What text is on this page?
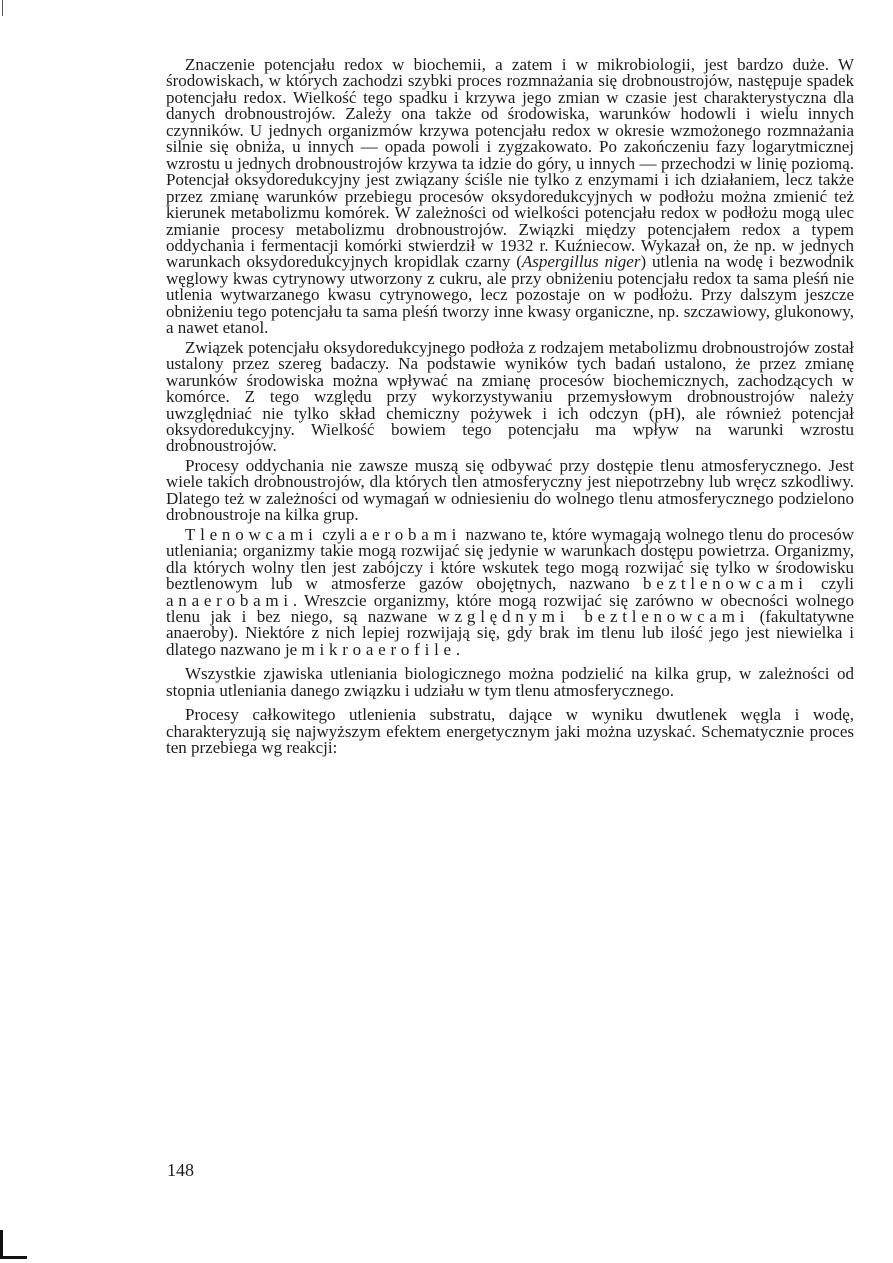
Znaczenie potencjału redox w biochemii, a zatem i w mikrobiologii, jest bardzo duże. W środowiskach, w których zachodzi szybki proces rozmnażania się drobnoustrojów, następuje spadek potencjału redox. Wielkość tego spadku i krzywa jego zmian w czasie jest charakterystyczna dla danych drobnoustrojów. Zależy ona także od środowiska, warunków hodowli i wielu innych czynników. U jednych organizmów krzywa potencjału redox w okresie wzmożonego rozmnażania silnie się obniża, u innych — opada powoli i zygzakowato. Po zakończeniu fazy logarytmicznej wzrostu u jednych drobnoustrojów krzywa ta idzie do góry, u innych — przechodzi w linię poziomą. Potencjał oksydoredukcyjny jest związany ściśle nie tylko z enzymami i ich działaniem, lecz także przez zmianę warunków przebiegu procesów oksydoredukcyjnych w podłożu można zmienić też kierunek metabolizmu komórek. W zależności od wielkości potencjału redox w podłożu mogą ulec zmianie procesy metabolizmu drobnoustrojów. Związki między potencjałem redox a typem oddychania i fermentacji komórki stwierdził w 1932 r. Kuźniecow. Wykazał on, że np. w jednych warunkach oksydoredukcyjnych kropidlak czarny (Aspergillus niger) utlenia na wodę i bezwodnik węglowy kwas cytrynowy utworzony z cukru, ale przy obniżeniu potencjału redox ta sama pleśń nie utlenia wytwarzanego kwasu cytrynowego, lecz pozostaje on w podłożu. Przy dalszym jeszcze obniżeniu tego potencjału ta sama pleśń tworzy inne kwasy organiczne, np. szczawiowy, glukonowy, a nawet etanol.

Związek potencjału oksydoredukcyjnego podłoża z rodzajem metabolizmu drobnoustrojów został ustalony przez szereg badaczy. Na podstawie wyników tych badań ustalono, że przez zmianę warunków środowiska można wpływać na zmianę procesów biochemicznych, zachodzących w komórce. Z tego względu przy wykorzystywaniu przemysłowym drobnoustrojów należy uwzględniać nie tylko skład chemiczny pożywek i ich odczyn (pH), ale również potencjał oksydoredukcyjny. Wielkość bowiem tego potencjału ma wpływ na warunki wzrostu drobnoustrojów.

Procesy oddychania nie zawsze muszą się odbywać przy dostępie tlenu atmosferycznego. Jest wiele takich drobnoustrojów, dla których tlen atmosferyczny jest niepotrzebny lub wręcz szkodliwy. Dlatego też w zależności od wymagań w odniesieniu do wolnego tlenu atmosferycznego podzielono drobnoustroje na kilka grup.

Tlenowcami czyli aerobami nazwano te, które wymagają wolnego tlenu do procesów utleniania; organizmy takie mogą rozwijać się jedynie w warunkach dostępu powietrza. Organizmy, dla których wolny tlen jest zabójczy i które wskutek tego mogą rozwijać się tylko w środowisku beztlenowym lub w atmosferze gazów obojętnych, nazwano beztlenowcami czyli anaerobami. Wreszcie organizmy, które mogą rozwijać się zarówno w obecności wolnego tlenu jak i bez niego, są nazwane względnymi beztlenowcami (fakultatywne anaeroby). Niektóre z nich lepiej rozwijają się, gdy brak im tlenu lub ilość jego jest niewielka i dlatego nazwano je mikroaerofile.

Wszystkie zjawiska utleniania biologicznego można podzielić na kilka grup, w zależności od stopnia utleniania danego związku i udziału w tym tlenu atmosferycznego.

Procesy całkowitego utlenienia substratu, dające w wyniku dwutlenek węgla i wodę, charakteryzują się najwyższym efektem energetycznym jaki można uzyskać. Schematycznie proces ten przebiega wg reakcji:

148
